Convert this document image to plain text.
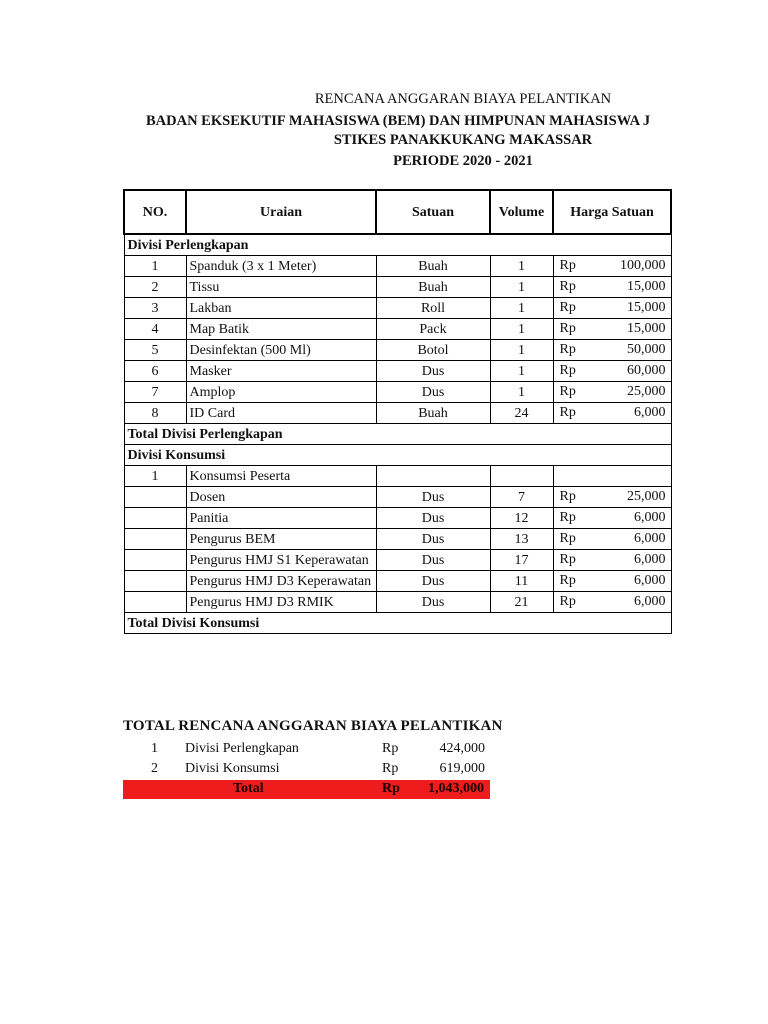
RENCANA ANGGARAN BIAYA PELANTIKAN
BADAN EKSEKUTIF MAHASISWA (BEM) DAN HIMPUNAN MAHASISWA J
STIKES PANAKKUKANG MAKASSAR
PERIODE 2020 - 2021
NO.	Uraian	Satuan	Volume	Harga Satuan
Divisi Perlengkapan				
1	Spanduk (3 x 1 Meter)	Buah	1	Rp 100,000

2	Tissu	Buah	1	Rp 15,000

3	Lakban	Roll	1	Rp 15,000

4	Map Batik	Pack	1	Rp 15,000

5	Desinfektan (500 Ml)	Botol	1	Rp 50,000

6	Masker	Dus	1	Rp 60,000

7	Amplop	Dus	1	Rp 25,000

8	ID Card	Buah	24	Rp 6,000

Total Divisi Perlengkapan				
Divisi Konsumsi				
1	Konsumsi Peserta			
	Dosen	Dus	7	Rp 25,000

	Panitia	Dus	12	Rp 6,000

	Pengurus BEM	Dus	13	Rp 6,000

	Pengurus HMJ S1 Keperawatan	Dus	17	Rp 6,000

	Pengurus HMJ D3 Keperawatan	Dus	11	Rp 6,000

	Pengurus HMJ D3 RMIK	Dus	21	Rp 6,000

Total Divisi Konsumsi				
TOTAL RENCANA ANGGARAN BIAYA PELANTIKAN
1 Divisi Perlengkapan	Rp	424,000
2 Divisi Konsumsi	Rp	619,000
Total	Rp 1,043,000
